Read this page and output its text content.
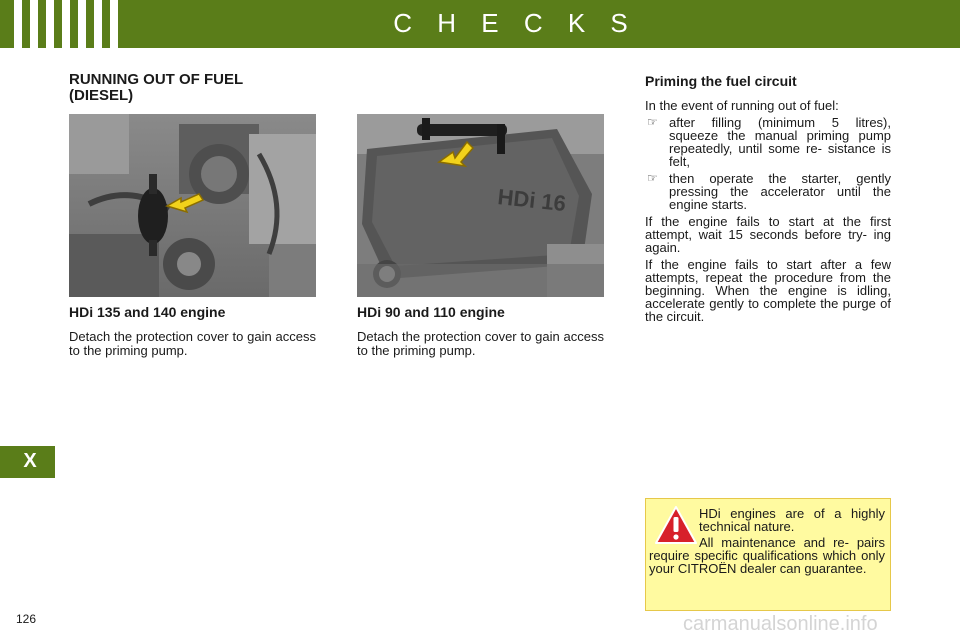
C H E C K S
X
RUNNING OUT OF FUEL
(DIESEL)
HDi 16

HDi 135 and 140 engine

Detach the protection cover to gain access to the priming pump.

HDi 90 and 110 engine

Detach the protection cover to gain access to the priming pump.

Priming the fuel circuit

In the event of running out of fuel:

☞ after filling (minimum 5 litres), squeeze the manual priming pump repeatedly, until some re- sistance is felt,
☞ then operate the starter, gently pressing the accelerator until the engine starts.

If the engine fails to start at the first attempt, wait 15 seconds before try- ing again.

If the engine fails to start after a few attempts, repeat the procedure from the beginning. When the engine is idling, accelerate gently to complete the purge of the circuit.

HDi engines are of a highly technical nature.

All maintenance and re- pairs require specific qualifications which only your CITROËN dealer can guarantee.

126	carmanualsonline.info
